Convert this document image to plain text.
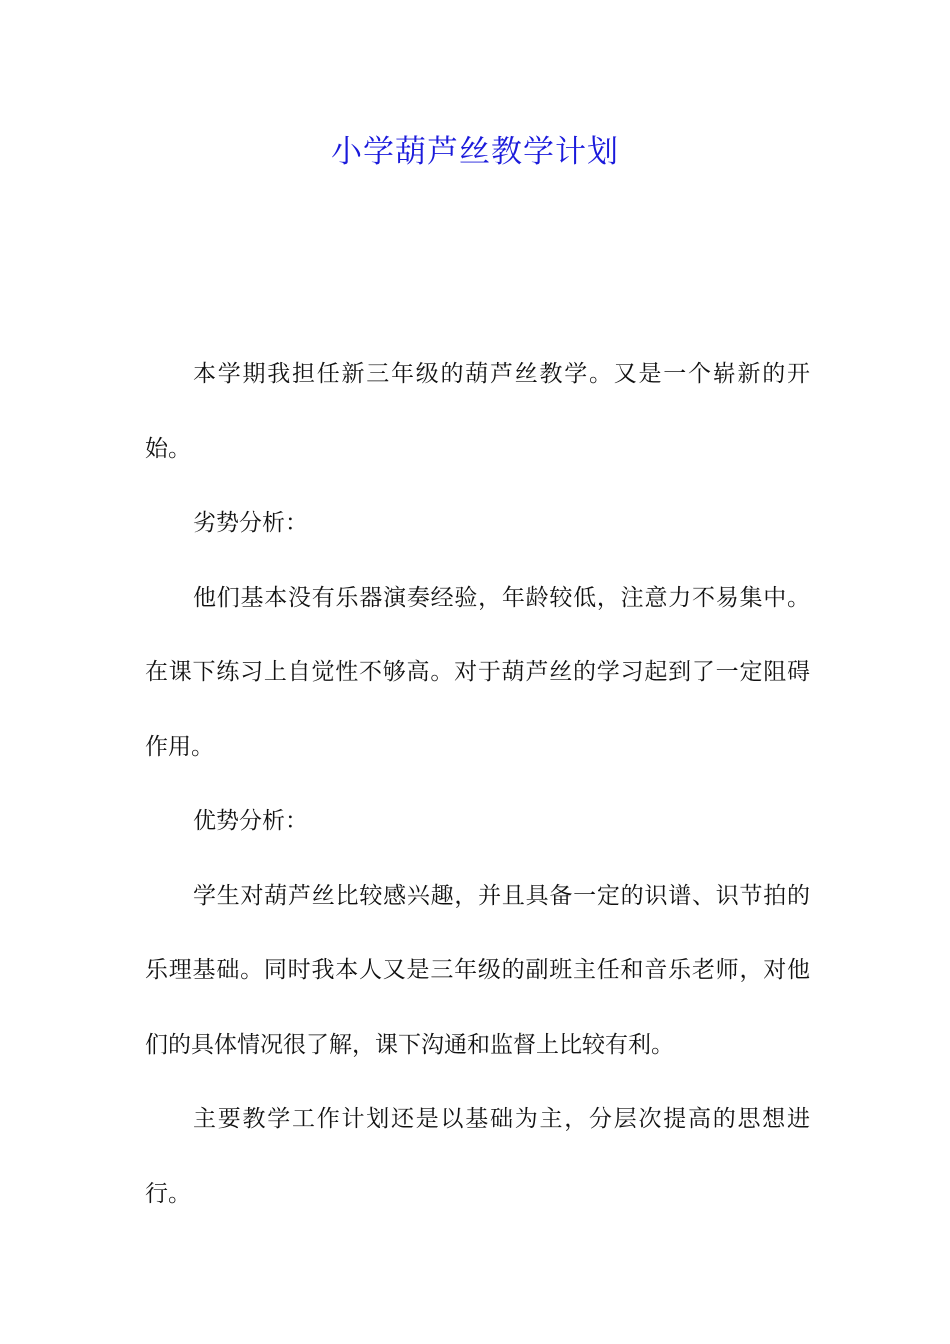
小学葫芦丝教学计划

本学期我担任新三年级的葫芦丝教学。又是一个崭新的开始。

劣势分析：

他们基本没有乐器演奏经验，年龄较低，注意力不易集中。在课下练习上自觉性不够高。对于葫芦丝的学习起到了一定阻碍作用。

优势分析：

学生对葫芦丝比较感兴趣，并且具备一定的识谱、识节拍的乐理基础。同时我本人又是三年级的副班主任和音乐老师，对他们的具体情况很了解，课下沟通和监督上比较有利。

主要教学工作计划还是以基础为主，分层次提高的思想进行。
